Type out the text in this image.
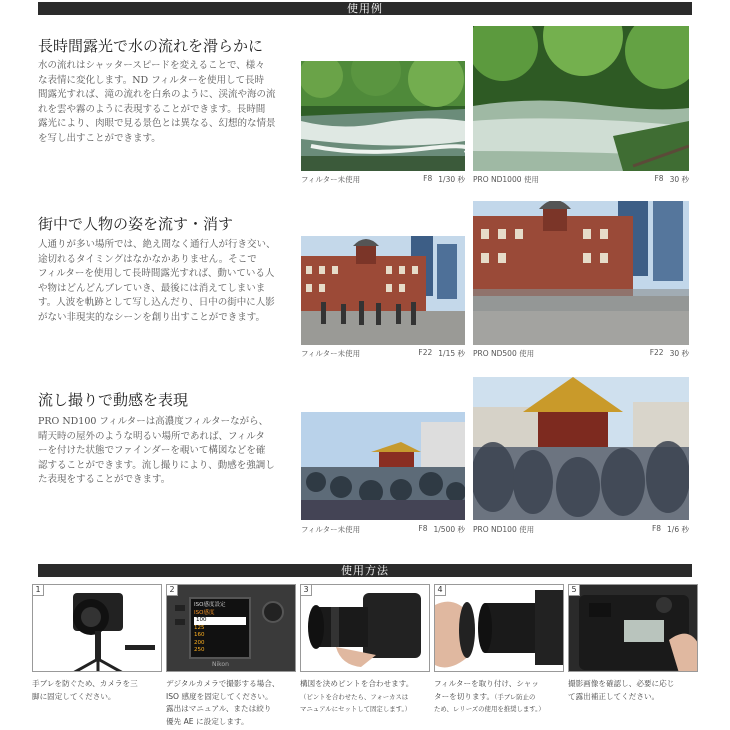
使用例
使用方法
長時間露光で水の流れを滑らかに
水の流れはシャッタースピードを変えることで、様々
な表情に変化します。ND フィルターを使用して長時
間露光すれば、滝の流れを白糸のように、渓流や海の流
れを雲や霧のように表現することができます。長時間
露光により、肉眼で見る景色とは異なる、幻想的な情景
を写し出すことができます。
フィルター未使用	F8 1/30 秒 PRO ND1000 使用	F8 30 秒
街中で人物の姿を流す・消す
人通りが多い場所では、絶え間なく通行人が行き交い、
途切れるタイミングはなかなかありません。そこで
フィルターを使用して長時間露光すれば、動いている人
や物はどんどんブレていき、最後には消えてしまいま
す。人波を軌跡として写し込んだり、日中の街中に人影
がない非現実的なシーンを創り出すことができます。
フィルター未使用	F22 1/15 秒 PRO ND500 使用	F22 30 秒
流し撮りで動感を表現
PRO ND100 フィルターは高濃度フィルターながら、
晴天時の屋外のような明るい場所であれば、フィルタ
ーを付けた状態でファインダーを覗いて構図などを確
認することができます。流し撮りにより、動感を強調し
た表現をすることができます。
フィルター未使用	F8 1/500 秒 PRO ND100 使用	F8 1/6 秒
1	2
ISO感度設定
ISO感度
100
125
160
200
250
Nikon
3	4	5
手ブレを防ぐため、カメラを三
脚に固定してください。
デジタルカメラで撮影する場合、
ISO 感度を固定してください。
露出はマニュアル、または絞り
優先 AE に設定します。
構図を決めピントを合わせます。
（ピントを合わせたら、フォーカスは
マニュアルにセットして固定します。）
フィルターを取り付け、シャッ
ターを切ります。（手ブレ防止の
ため、レリーズの使用を推奨します。）
撮影画像を確認し、必要に応じ
て露出補正してください。
